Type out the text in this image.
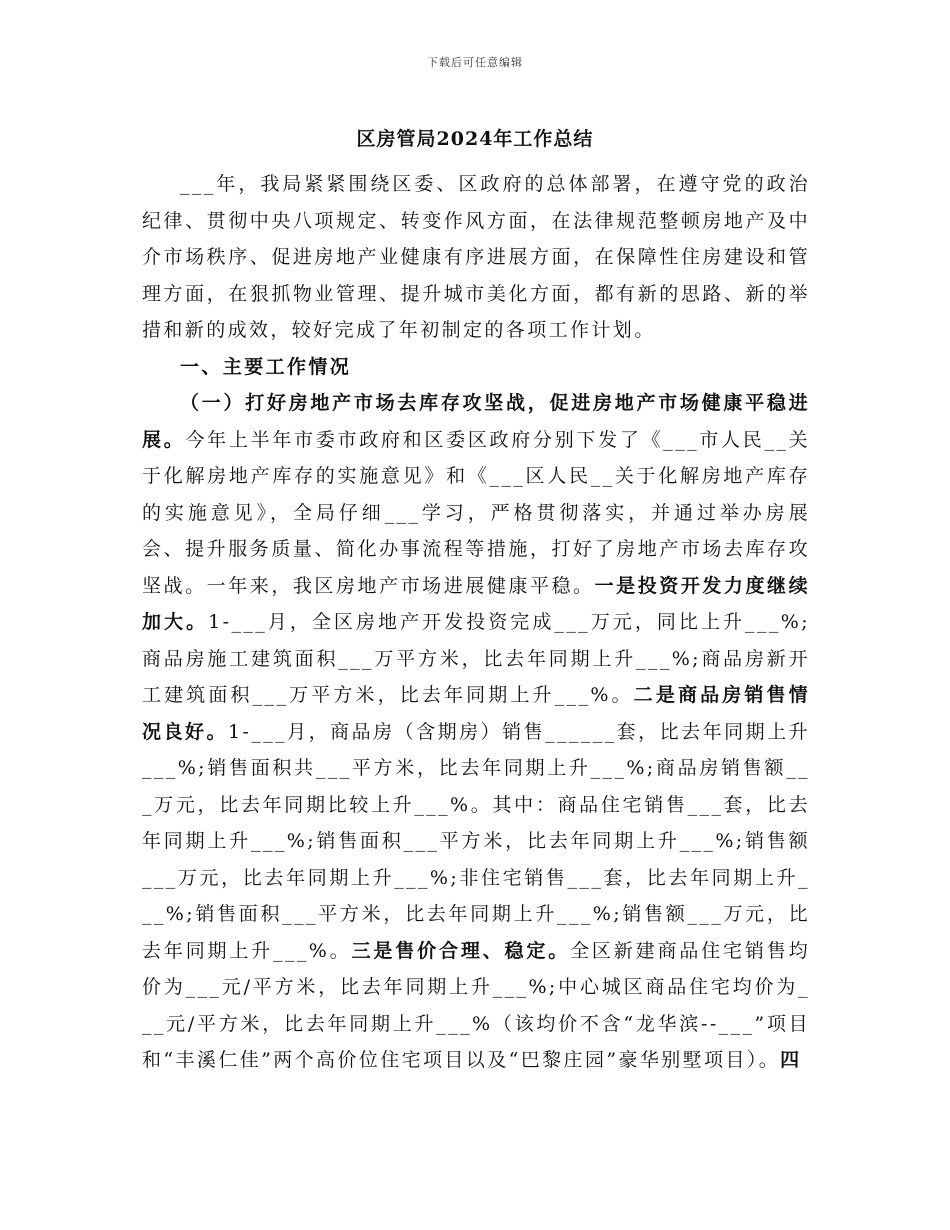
下载后可任意编辑
区房管局2024年工作总结

___年，我局紧紧围绕区委、区政府的总体部署，在遵守党的政治纪律、贯彻中央八项规定、转变作风方面，在法律规范整顿房地产及中介市场秩序、促进房地产业健康有序进展方面，在保障性住房建设和管理方面，在狠抓物业管理、提升城市美化方面，都有新的思路、新的举措和新的成效，较好完成了年初制定的各项工作计划。

一、主要工作情况

（一）打好房地产市场去库存攻坚战，促进房地产市场健康平稳进展。今年上半年市委市政府和区委区政府分别下发了《___市人民__关于化解房地产库存的实施意见》和《___区人民__关于化解房地产库存的实施意见》，全局仔细___学习，严格贯彻落实，并通过举办房展会、提升服务质量、简化办事流程等措施，打好了房地产市场去库存攻坚战。一年来，我区房地产市场进展健康平稳。一是投资开发力度继续加大。1-___月，全区房地产开发投资完成___万元，同比上升___%;商品房施工建筑面积___万平方米，比去年同期上升___%;商品房新开工建筑面积___万平方米，比去年同期上升___%。二是商品房销售情况良好。1-___月，商品房（含期房）销售______套，比去年同期上升___%;销售面积共___平方米，比去年同期上升___%;商品房销售额___万元，比去年同期比较上升___%。其中：商品住宅销售___套，比去年同期上升___%;销售面积___平方米，比去年同期上升___%;销售额___万元，比去年同期上升___%;非住宅销售___套，比去年同期上升___%;销售面积___平方米，比去年同期上升___%;销售额___万元，比去年同期上升___%。三是售价合理、稳定。全区新建商品住宅销售均价为___元/平方米，比去年同期上升___%;中心城区商品住宅均价为___元/平方米，比去年同期上升___%（该均价不含“龙华滨--___”项目和“丰溪仁佳”两个高价位住宅项目以及“巴黎庄园”豪华别墅项目）。四
